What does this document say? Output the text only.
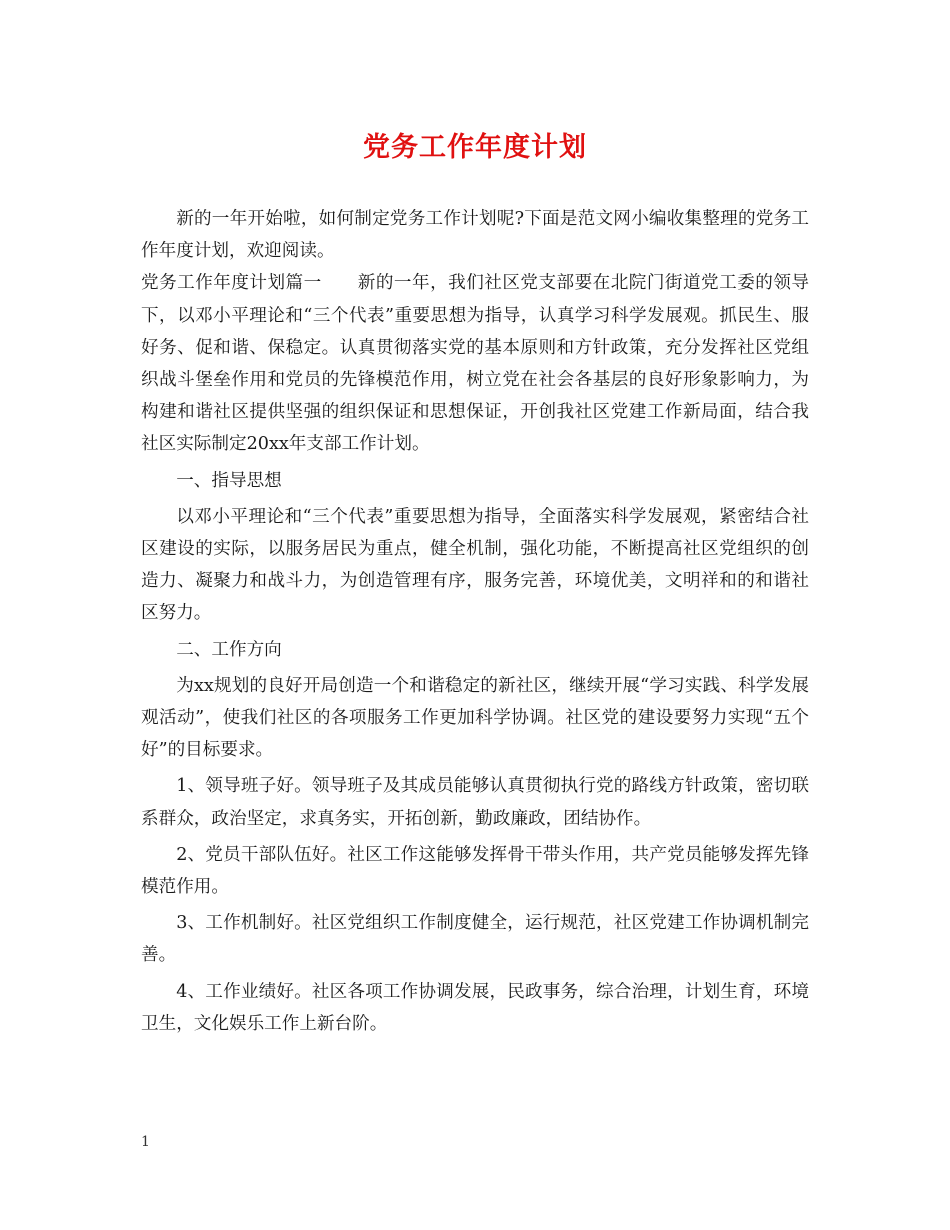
党务工作年度计划

新的一年开始啦，如何制定党务工作计划呢?下面是范文网小编收集整理的党务工作年度计划，欢迎阅读。

党务工作年度计划篇一　　新的一年，我们社区党支部要在北院门街道党工委的领导下，以邓小平理论和“三个代表”重要思想为指导，认真学习科学发展观。抓民生、服好务、促和谐、保稳定。认真贯彻落实党的基本原则和方针政策，充分发挥社区党组织战斗堡垒作用和党员的先锋模范作用，树立党在社会各基层的良好形象影响力，为构建和谐社区提供坚强的组织保证和思想保证，开创我社区党建工作新局面，结合我社区实际制定20xx年支部工作计划。

一、指导思想

以邓小平理论和“三个代表”重要思想为指导，全面落实科学发展观，紧密结合社区建设的实际，以服务居民为重点，健全机制，强化功能，不断提高社区党组织的创造力、凝聚力和战斗力，为创造管理有序，服务完善，环境优美，文明祥和的和谐社区努力。

二、工作方向

为xx规划的良好开局创造一个和谐稳定的新社区，继续开展“学习实践、科学发展观活动”，使我们社区的各项服务工作更加科学协调。社区党的建设要努力实现“五个好”的目标要求。

1、领导班子好。领导班子及其成员能够认真贯彻执行党的路线方针政策，密切联系群众，政治坚定，求真务实，开拓创新，勤政廉政，团结协作。

2、党员干部队伍好。社区工作这能够发挥骨干带头作用，共产党员能够发挥先锋模范作用。

3、工作机制好。社区党组织工作制度健全，运行规范，社区党建工作协调机制完善。

4、工作业绩好。社区各项工作协调发展，民政事务，综合治理，计划生育，环境卫生，文化娱乐工作上新台阶。

1
